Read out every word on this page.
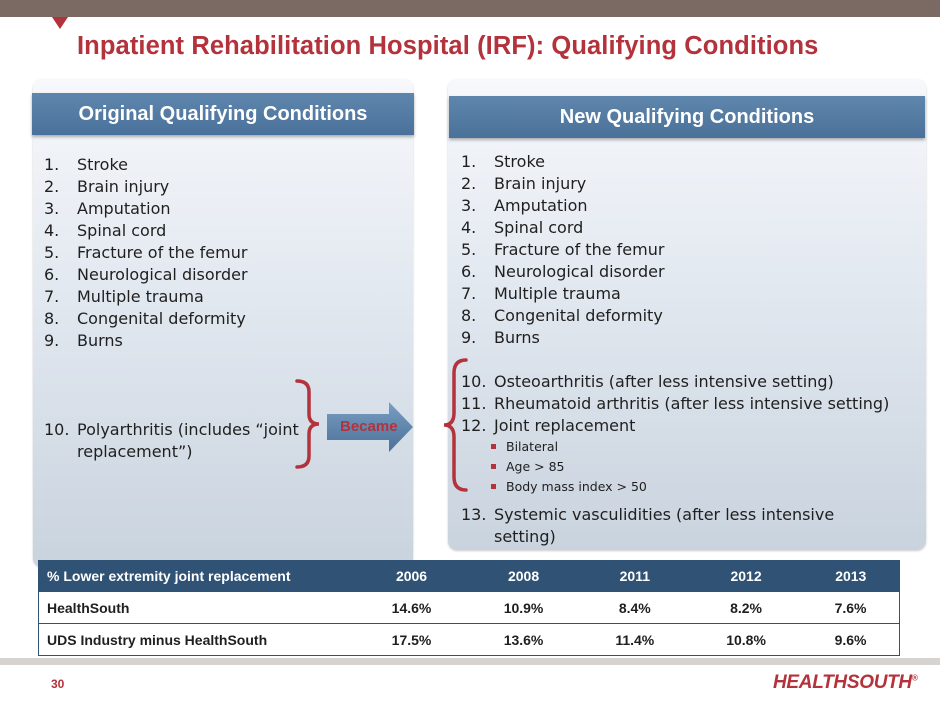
Inpatient Rehabilitation Hospital (IRF): Qualifying Conditions
Original Qualifying Conditions
1. Stroke
2. Brain injury
3. Amputation
4. Spinal cord
5. Fracture of the femur
6. Neurological disorder
7. Multiple trauma
8. Congenital deformity
9. Burns
10. Polyarthritis (includes “joint
replacement”)
New Qualifying Conditions
1. Stroke
2. Brain injury
3. Amputation
4. Spinal cord
5. Fracture of the femur
6. Neurological disorder
7. Multiple trauma
8. Congenital deformity
9. Burns
10. Osteoarthritis (after less intensive setting)
11. Rheumatoid arthritis (after less intensive setting)
12. Joint replacement
Bilateral
Age > 85
Body mass index > 50
13. Systemic vasculidities (after less intensive
setting)
Became
% Lower extremity joint replacement	2006	2008	2011	2012	2013
HealthSouth	14.6%	10.9%	8.4%	8.2%	7.6%
UDS Industry minus HealthSouth	17.5%	13.6%	11.4%	10.8%	9.6%
30	HEALTHSOUTH®
